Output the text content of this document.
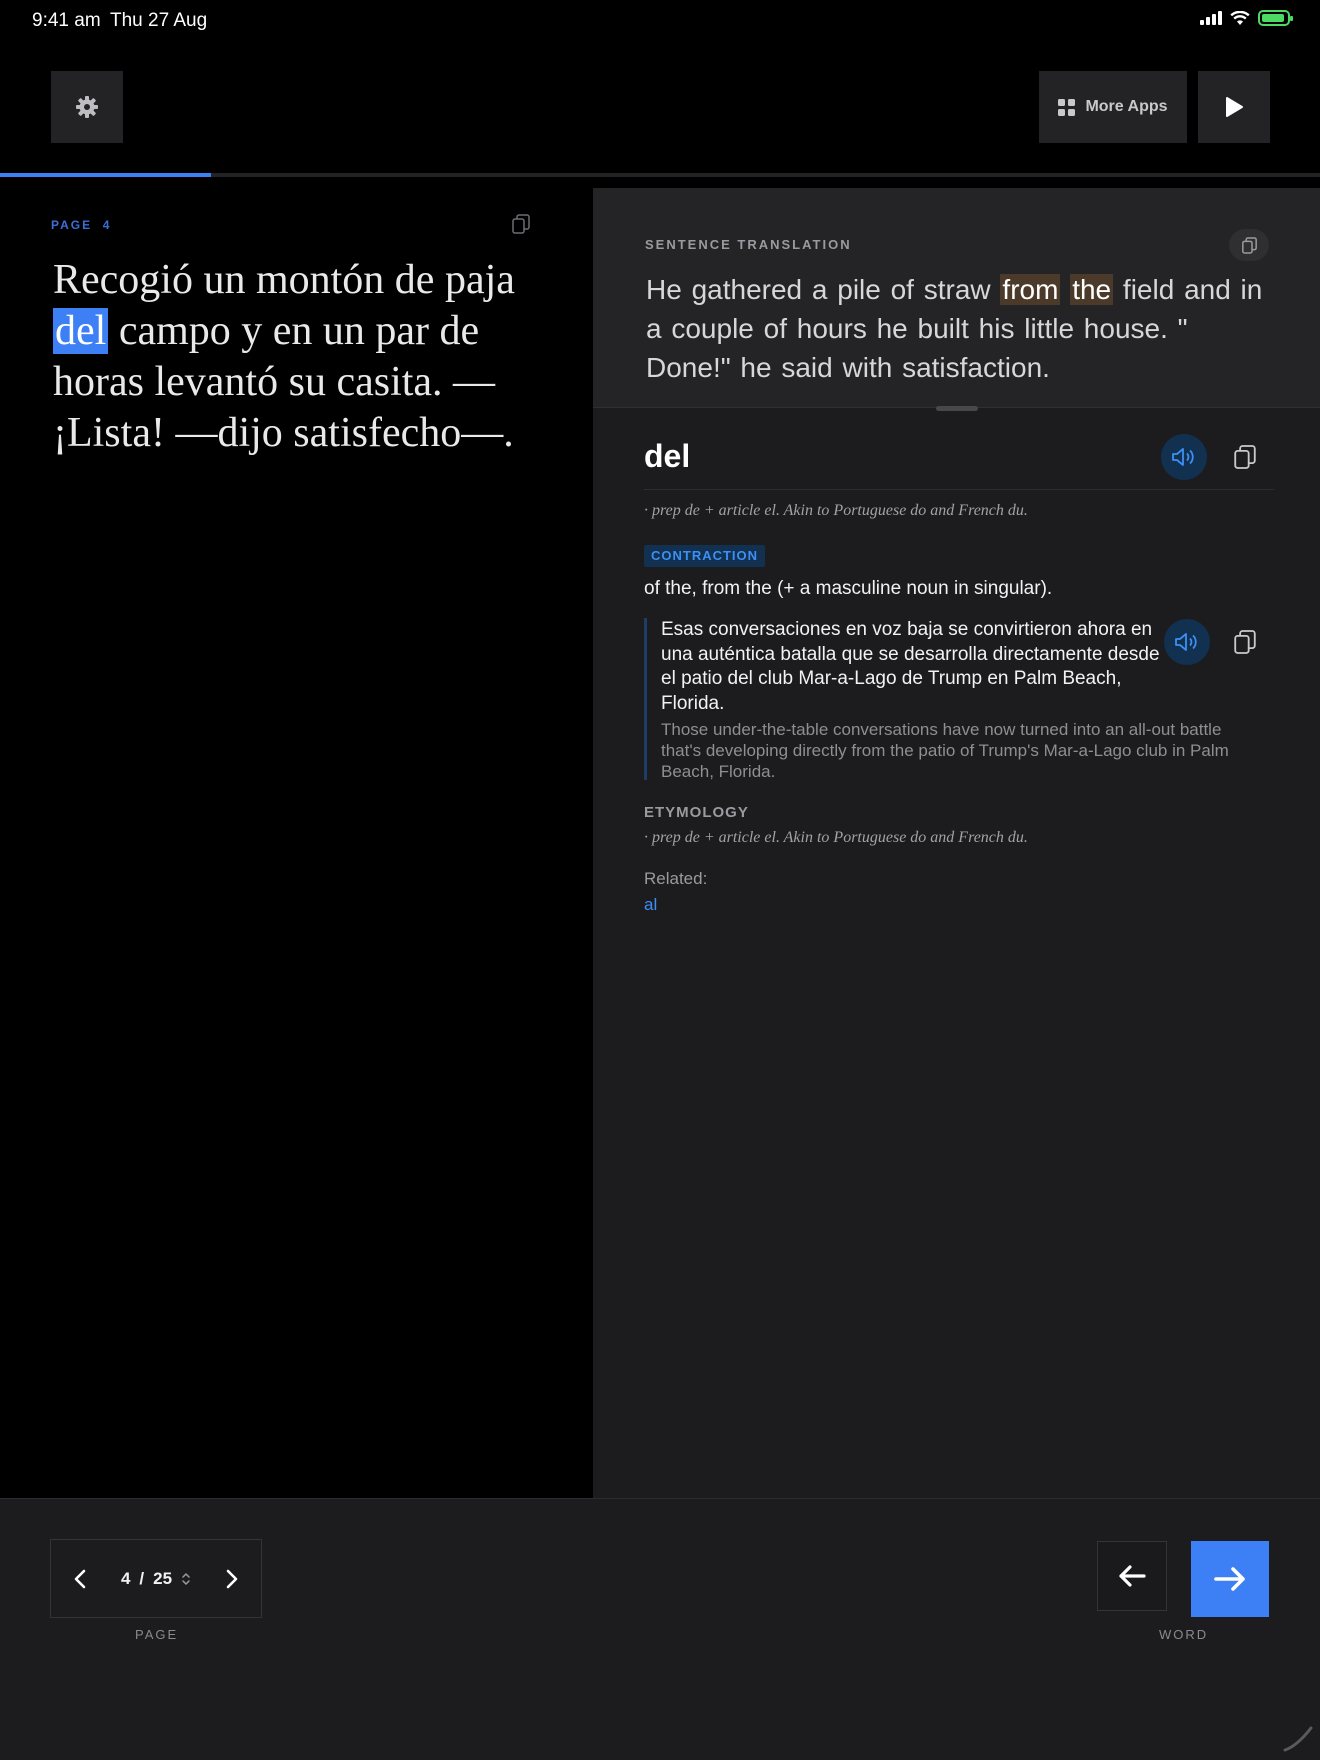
9:41 am Thu 27 Aug
More Apps
PAGE  4
Recogió un montón de paja del campo y en un par de horas levantó su casita. —¡Lista! —dijo satisfecho—.
SENTENCE TRANSLATION
He gathered a pile of straw from the field and in a couple of hours he built his little house. " Done!" he said with satisfaction.
del
· prep de + article el. Akin to Portuguese do and French du.
CONTRACTION
of the, from the (+ a masculine noun in singular).
Esas conversaciones en voz baja se convirtieron ahora en una auténtica batalla que se desarrolla directamente desde el patio del club Mar-a-Lago de Trump en Palm Beach, Florida.
Those under-the-table conversations have now turned into an all-out battle that's developing directly from the patio of Trump's Mar-a-Lago club in Palm Beach, Florida.
ETYMOLOGY
· prep de + article el. Akin to Portuguese do and French du.
Related:
al
4 / 25
PAGE	WORD
